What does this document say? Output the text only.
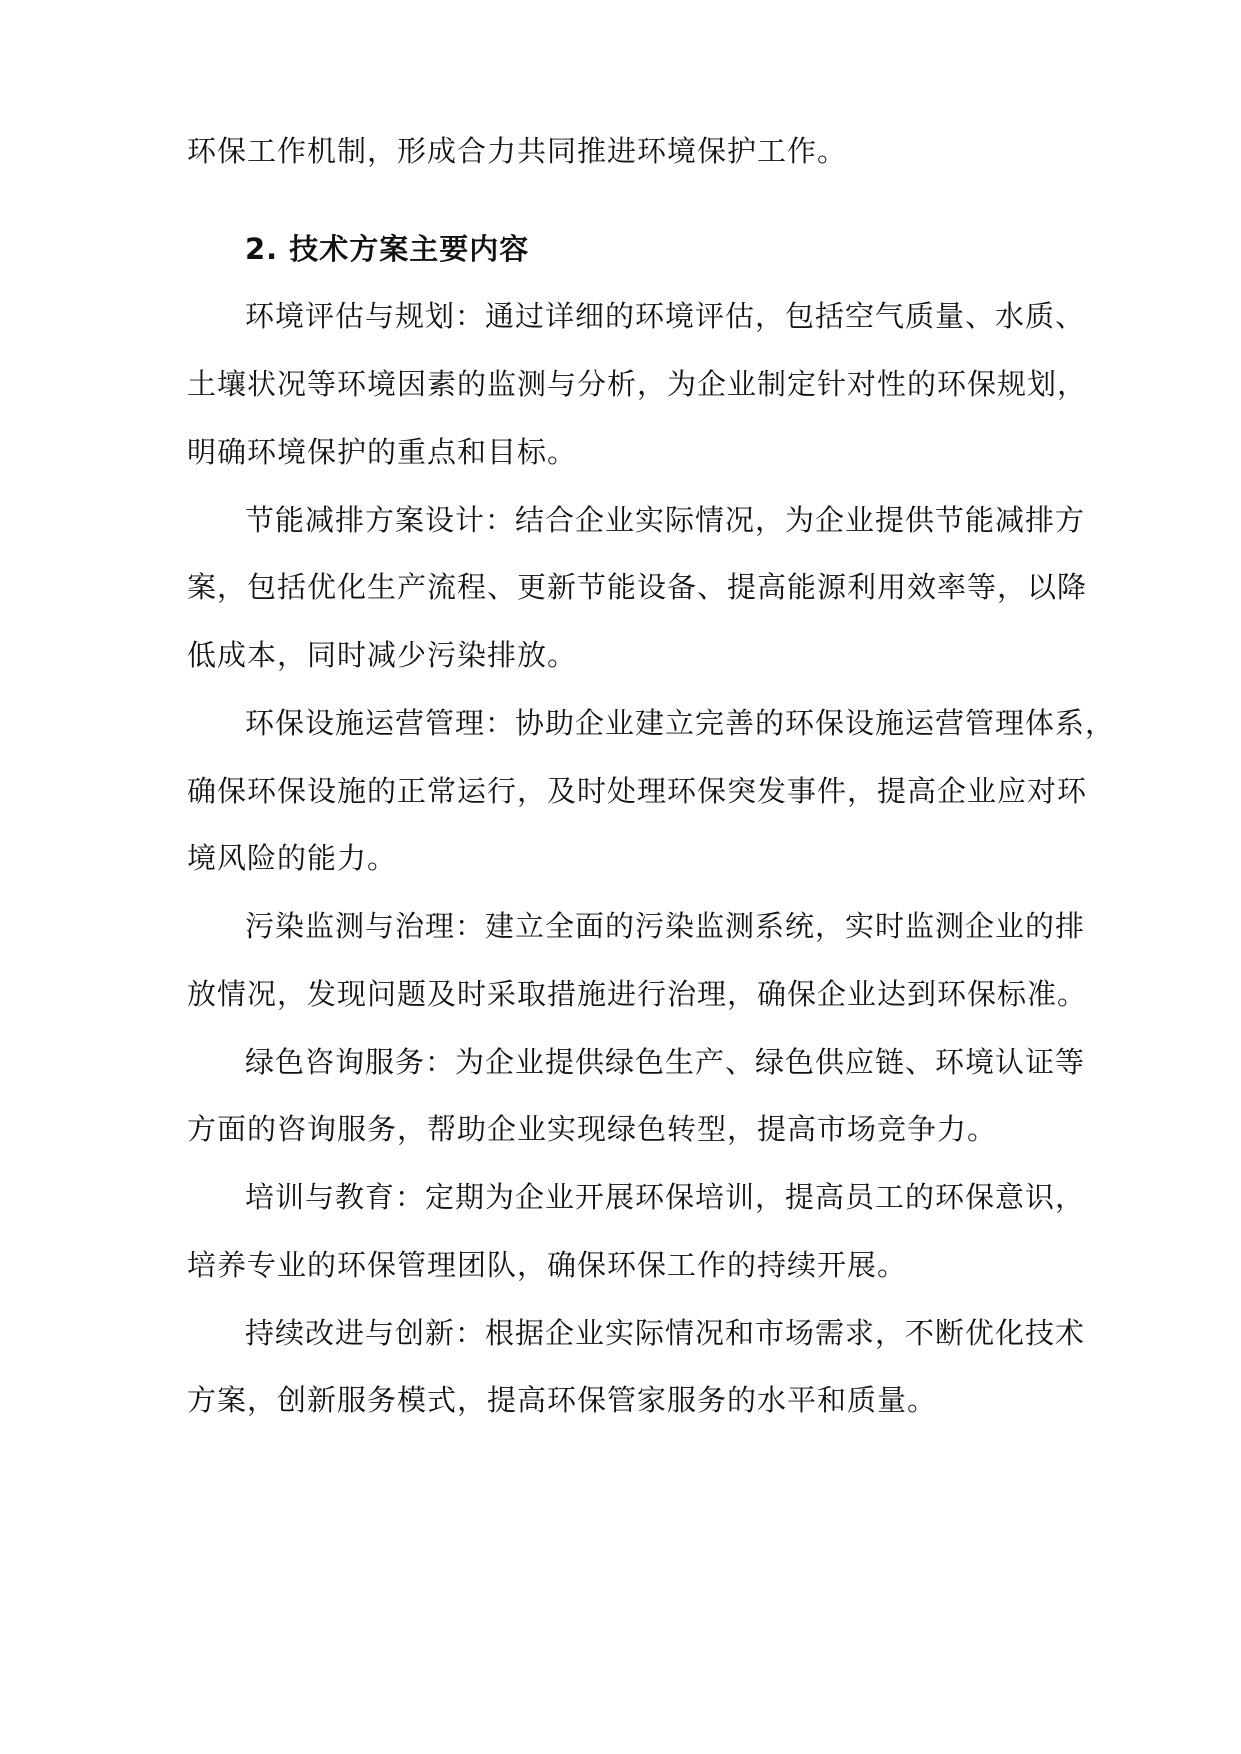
环保工作机制，形成合力共同推进环境保护工作。
2. 技术方案主要内容
环境评估与规划：通过详细的环境评估，包括空气质量、水质、
土壤状况等环境因素的监测与分析，为企业制定针对性的环保规划，
明确环境保护的重点和目标。
节能减排方案设计：结合企业实际情况，为企业提供节能减排方
案，包括优化生产流程、更新节能设备、提高能源利用效率等，以降
低成本，同时减少污染排放。
环保设施运营管理：协助企业建立完善的环保设施运营管理体系，
确保环保设施的正常运行，及时处理环保突发事件，提高企业应对环
境风险的能力。
污染监测与治理：建立全面的污染监测系统，实时监测企业的排
放情况，发现问题及时采取措施进行治理，确保企业达到环保标准。
绿色咨询服务：为企业提供绿色生产、绿色供应链、环境认证等
方面的咨询服务，帮助企业实现绿色转型，提高市场竞争力。
培训与教育：定期为企业开展环保培训，提高员工的环保意识，
培养专业的环保管理团队，确保环保工作的持续开展。
持续改进与创新：根据企业实际情况和市场需求，不断优化技术
方案，创新服务模式，提高环保管家服务的水平和质量。
